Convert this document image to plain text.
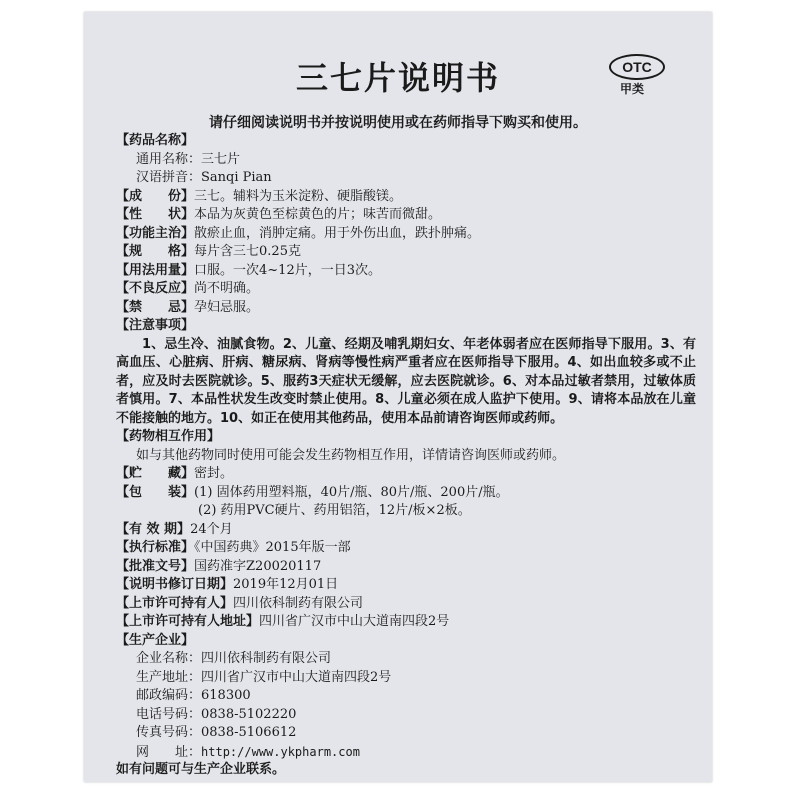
三七片说明书	OTC
甲类
请仔细阅读说明书并按说明使用或在药师指导下购买和使用。
【药品名称】
通用名称：三七片
汉语拼音：Sanqi Pian
【成　　份】三七。辅料为玉米淀粉、硬脂酸镁。
【性　　状】本品为灰黄色至棕黄色的片；味苦而微甜。
【功能主治】散瘀止血，消肿定痛。用于外伤出血，跌扑肿痛。
【规　　格】每片含三七0.25克
【用法用量】口服。一次4~12片，一日3次。
【不良反应】尚不明确。
【禁　　忌】孕妇忌服。
【注意事项】

1、忌生冷、油腻食物。2、儿童、经期及哺乳期妇女、年老体弱者应在医师指导下服用。3、有高血压、心脏病、肝病、糖尿病、肾病等慢性病严重者应在医师指导下服用。4、如出血较多或不止者，应及时去医院就诊。5、服药3天症状无缓解，应去医院就诊。6、对本品过敏者禁用，过敏体质者慎用。7、本品性状发生改变时禁止使用。8、儿童必须在成人监护下使用。9、请将本品放在儿童不能接触的地方。10、如正在使用其他药品，使用本品前请咨询医师或药师。

【药物相互作用】

如与其他药物同时使用可能会发生药物相互作用，详情请咨询医师或药师。

【贮　　藏】密封。
【包　　装】(1) 固体药用塑料瓶，40片/瓶、80片/瓶、200片/瓶。
(2) 药用PVC硬片、药用铝箔，12片/板×2板。
【有 效 期】24个月
【执行标准】《中国药典》2015年版一部
【批准文号】国药准字Z20020117
【说明书修订日期】2019年12月01日
【上市许可持有人】四川依科制药有限公司
【上市许可持有人地址】四川省广汉市中山大道南四段2号
【生产企业】
企业名称：四川依科制药有限公司
生产地址：四川省广汉市中山大道南四段2号
邮政编码：618300
电话号码：0838-5102220
传真号码：0838-5106612
网　　址：http://www.ykpharm.com
如有问题可与生产企业联系。
